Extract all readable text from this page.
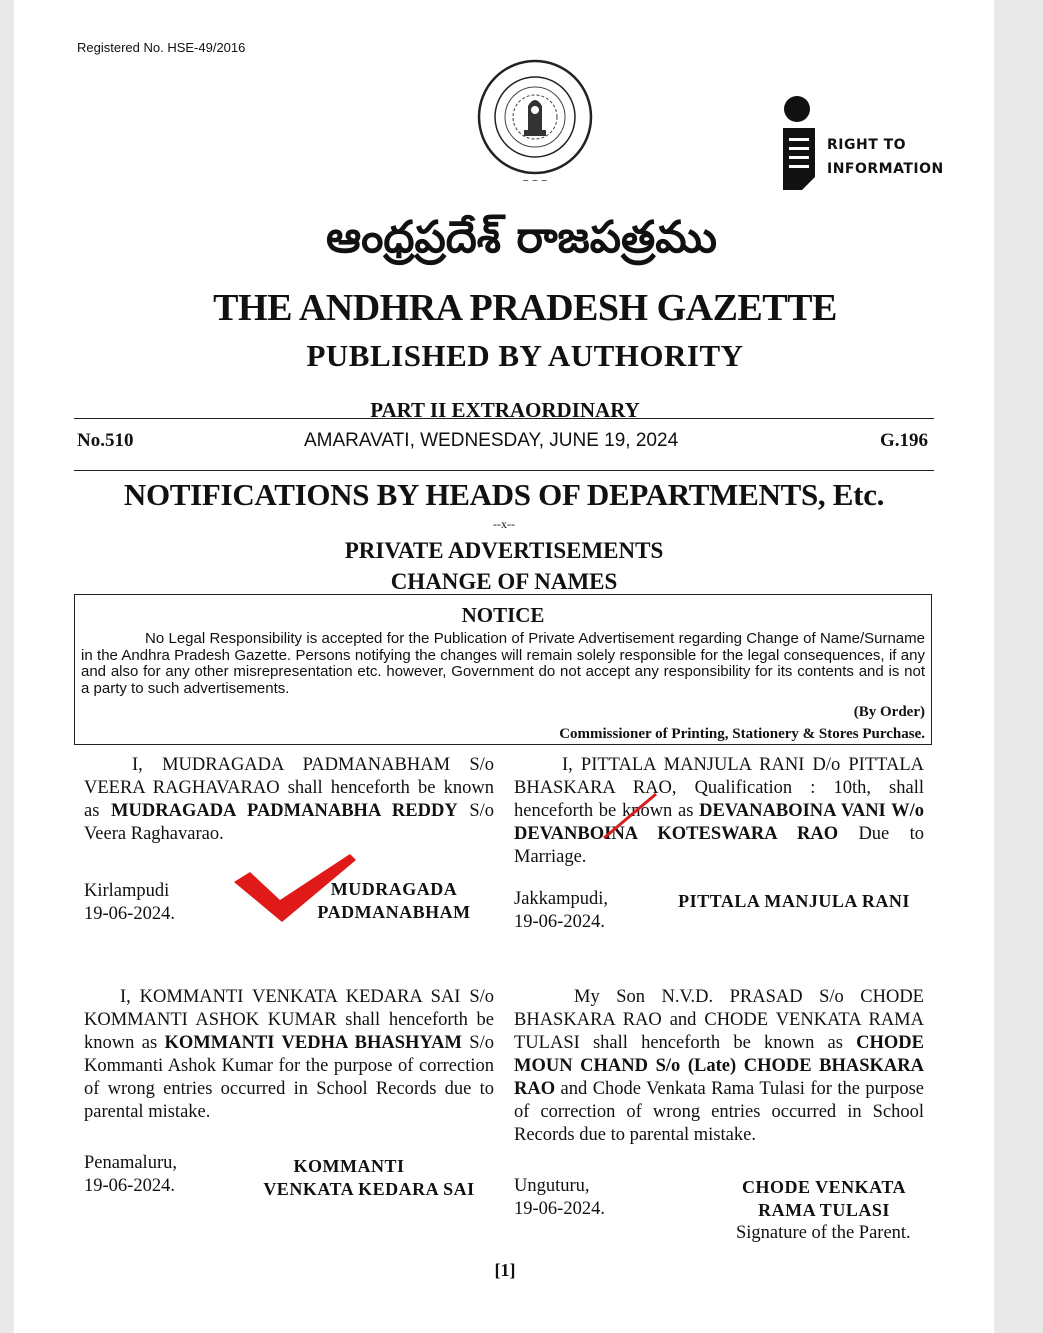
Registered No. HSE-49/2016
~ ~ ~
RIGHT TO
INFORMATION
ఆంధ్రప్రదేశ్ రాజపత్రము
THE ANDHRA PRADESH GAZETTE
PUBLISHED BY AUTHORITY
PART II EXTRAORDINARY
No.510	AMARAVATI, WEDNESDAY, JUNE 19, 2024	G.196
NOTIFICATIONS BY HEADS OF DEPARTMENTS, Etc.
--x--
PRIVATE ADVERTISEMENTS
CHANGE OF NAMES
NOTICE
No Legal Responsibility is accepted for the Publication of Private Advertisement regarding Change of Name/Surname in the Andhra Pradesh Gazette. Persons notifying the changes will remain solely responsible for the legal consequences, if any and also for any other misrepresentation etc. however, Government do not accept any responsibility for its contents and is not a party to such advertisements.
(By Order)
Commissioner of Printing, Stationery & Stores Purchase.
I, MUDRAGADA PADMANABHAM S/o VEERA RAGHAVARAO shall henceforth be known as MUDRAGADA PADMANABHA REDDY S/o Veera Raghavarao.
Kirlampudi
19-06-2024.
MUDRAGADA
PADMANABHAM
I, PITTALA MANJULA RANI D/o PITTALA BHASKARA RAO, Qualification : 10th, shall henceforth be known as DEVANABOINA VANI W/o DEVANBOINA KOTESWARA RAO Due to Marriage.
Jakkampudi,
19-06-2024.
PITTALA MANJULA RANI
I, KOMMANTI VENKATA KEDARA SAI S/o KOMMANTI ASHOK KUMAR shall henceforth be known as KOMMANTI VEDHA BHASHYAM S/o Kommanti Ashok Kumar for the purpose of correction of wrong entries occurred in School Records due to parental mistake.
Penamaluru,
19-06-2024.
KOMMANTI
VENKATA KEDARA SAI
My Son N.V.D. PRASAD S/o CHODE BHASKARA RAO and CHODE VENKATA RAMA TULASI shall henceforth be known as CHODE MOUN CHAND S/o (Late) CHODE BHASKARA RAO and Chode Venkata Rama Tulasi for the purpose of correction of wrong entries occurred in School Records due to parental mistake.
Unguturu,
19-06-2024.
CHODE VENKATA
RAMA TULASI
Signature of the Parent.
[1]
